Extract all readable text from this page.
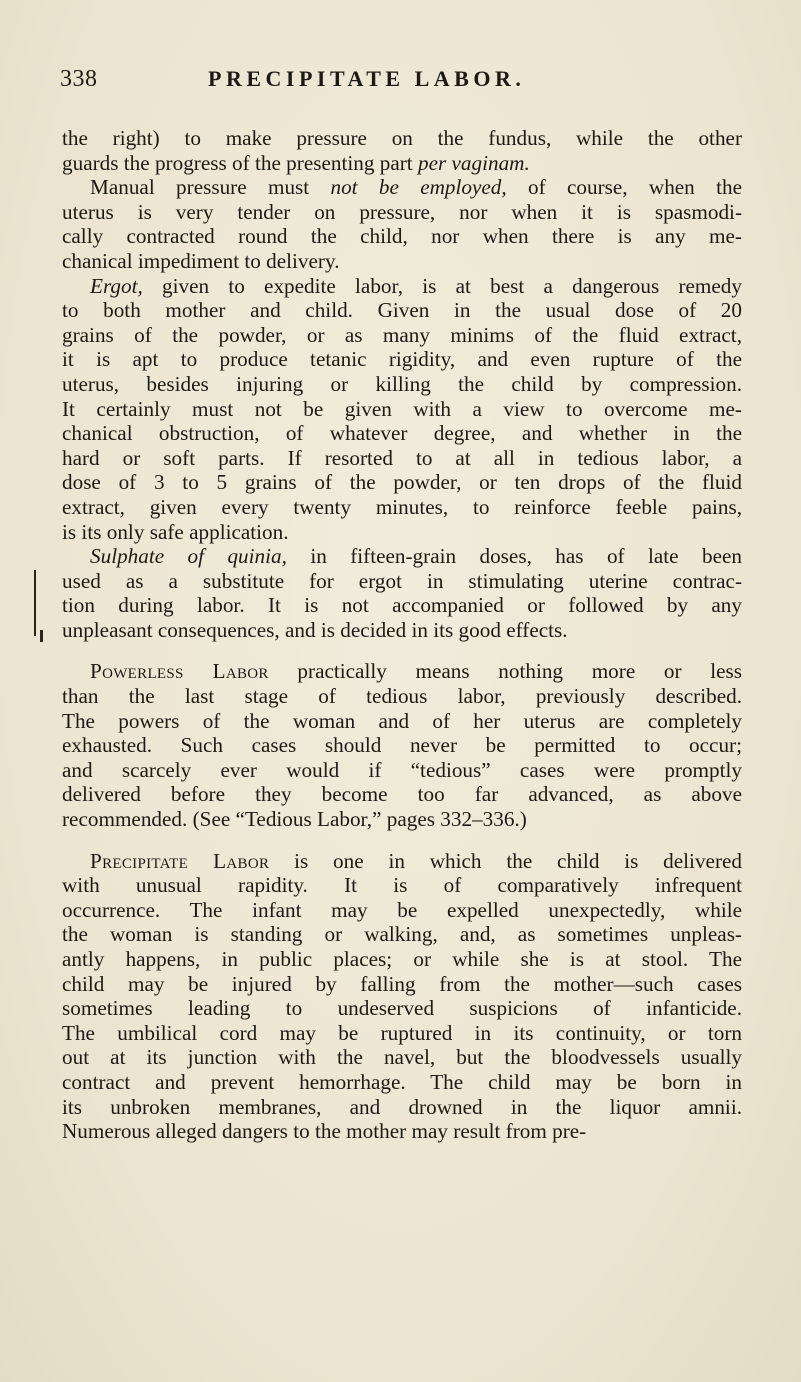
338	PRECIPITATE LABOR.
the right) to make pressure on the fundus, while the other
guards the progress of the presenting part per vaginam.
Manual pressure must not be employed, of course, when the
uterus is very tender on pressure, nor when it is spasmodi-
cally contracted round the child, nor when there is any me-
chanical impediment to delivery.
Ergot, given to expedite labor, is at best a dangerous remedy
to both mother and child. Given in the usual dose of 20
grains of the powder, or as many minims of the fluid extract,
it is apt to produce tetanic rigidity, and even rupture of the
uterus, besides injuring or killing the child by compression.
It certainly must not be given with a view to overcome me-
chanical obstruction, of whatever degree, and whether in the
hard or soft parts. If resorted to at all in tedious labor, a
dose of 3 to 5 grains of the powder, or ten drops of the fluid
extract, given every twenty minutes, to reinforce feeble pains,
is its only safe application.
Sulphate of quinia, in fifteen-grain doses, has of late been
used as a substitute for ergot in stimulating uterine contrac-
tion during labor. It is not accompanied or followed by any
unpleasant consequences, and is decided in its good effects.
Powerless Labor practically means nothing more or less
than the last stage of tedious labor, previously described.
The powers of the woman and of her uterus are completely
exhausted. Such cases should never be permitted to occur;
and scarcely ever would if “tedious” cases were promptly
delivered before they become too far advanced, as above
recommended. (See “Tedious Labor,” pages 332–336.)
Precipitate Labor is one in which the child is delivered
with unusual rapidity. It is of comparatively infrequent
occurrence. The infant may be expelled unexpectedly, while
the woman is standing or walking, and, as sometimes unpleas-
antly happens, in public places; or while she is at stool. The
child may be injured by falling from the mother—such cases
sometimes leading to undeserved suspicions of infanticide.
The umbilical cord may be ruptured in its continuity, or torn
out at its junction with the navel, but the bloodvessels usually
contract and prevent hemorrhage. The child may be born in
its unbroken membranes, and drowned in the liquor amnii.
Numerous alleged dangers to the mother may result from pre-
